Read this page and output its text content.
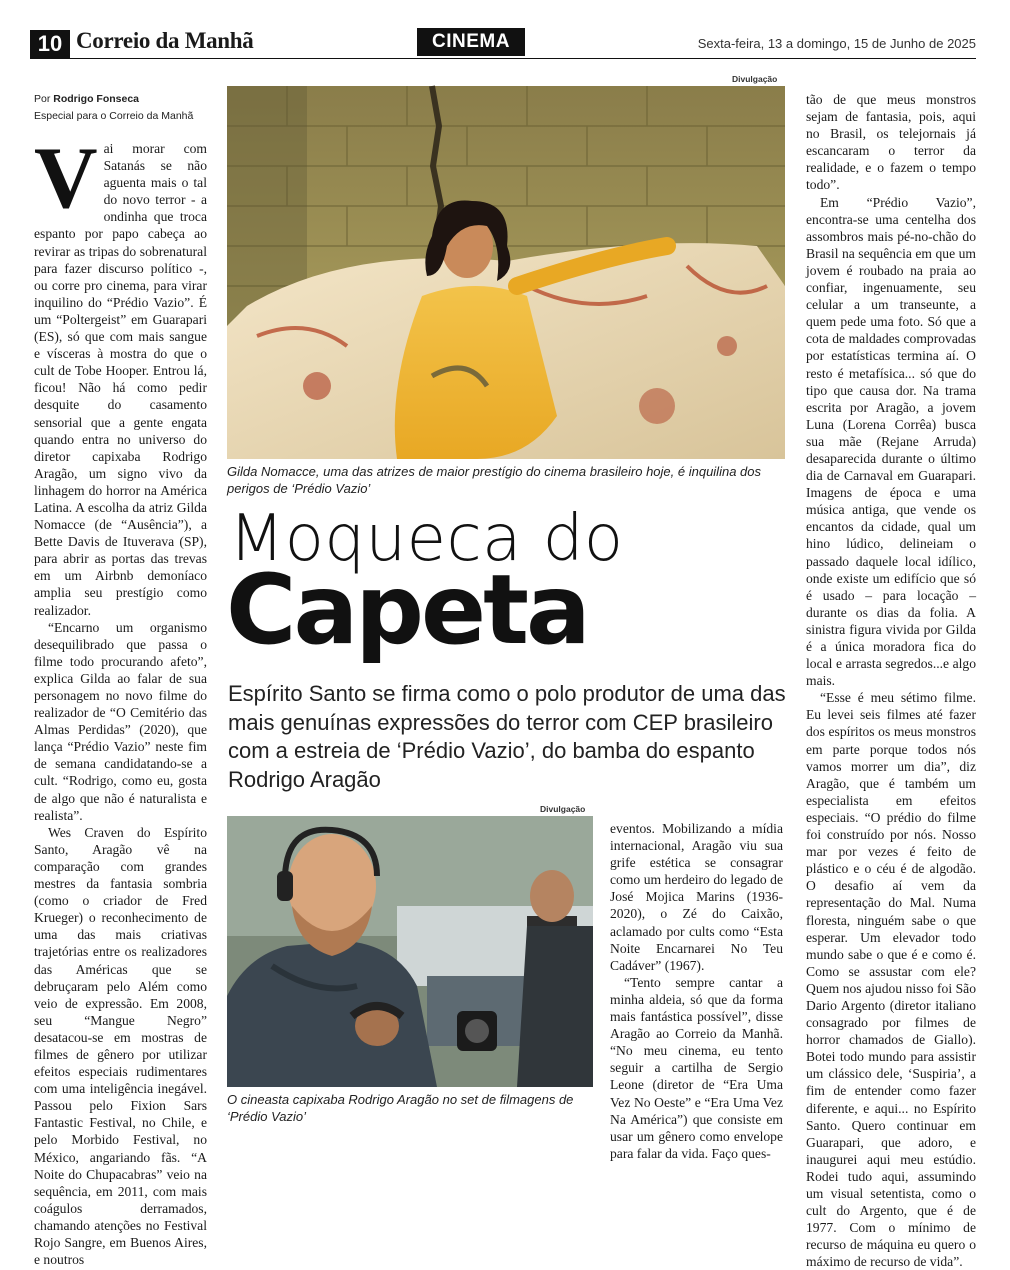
10 Correio da Manhã	CINEMA	Sexta-feira, 13 a domingo, 15 de Junho de 2025
Por Rodrigo Fonseca
Especial para o Correio da Manhã

Vai morar com Satanás se não aguenta mais o tal do novo terror - a ondinha que troca espanto por papo cabeça ao revirar as tripas do sobrenatural para fazer discurso político -, ou corre pro cinema, para virar inquilino do “Prédio Vazio”. É um “Poltergeist” em Guarapari (ES), só que com mais sangue e vísceras à mostra do que o cult de Tobe Hooper. Entrou lá, ficou! Não há como pedir desquite do casamento sensorial que a gente engata quando entra no universo do diretor capixaba Rodrigo Aragão, um signo vivo da linhagem do horror na América Latina. A escolha da atriz Gilda Nomacce (de “Ausência”), a Bette Davis de Ituverava (SP), para abrir as portas das trevas em um Airbnb demoníaco amplia seu prestígio como realizador.

“Encarno um organismo desequilibrado que passa o filme todo procurando afeto”, explica Gilda ao falar de sua personagem no novo filme do realizador de “O Cemitério das Almas Perdidas” (2020), que lança “Prédio Vazio” neste fim de semana candidatando-se a cult. “Rodrigo, como eu, gosta de algo que não é naturalista e realista”.

Wes Craven do Espírito Santo, Aragão vê na comparação com grandes mestres da fantasia sombria (como o criador de Fred Krueger) o reconhecimento de uma das mais criativas trajetórias entre os realizadores das Américas que se debruçaram pelo Além como veio de expressão. Em 2008, seu “Mangue Negro” desatacou-se em mostras de filmes de gênero por utilizar efeitos especiais rudimentares com uma inteligência inegável. Passou pelo Fixion Sars Fantastic Festival, no Chile, e pelo Morbido Festival, no México, angariando fãs. “A Noite do Chupacabras” veio na sequência, em 2011, com mais coágulos derramados, chamando atenções no Festival Rojo Sangre, em Buenos Aires, e noutros

Divulgação
Gilda Nomacce, uma das atrizes de maior prestígio do cinema brasileiro hoje, é inquilina dos perigos de ‘Prédio Vazio’
Moqueca do
Capeta
Espírito Santo se firma como o polo produtor de uma das mais genuínas expressões do terror com CEP brasileiro com a estreia de ‘Prédio Vazio’, do bamba do espanto Rodrigo Aragão
Divulgação
O cineasta capixaba Rodrigo Aragão no set de filmagens de ‘Prédio Vazio’

eventos. Mobilizando a mídia internacional, Aragão viu sua grife estética se consagrar como um herdeiro do legado de José Mojica Marins (1936-2020), o Zé do Caixão, aclamado por cults como “Esta Noite Encarnarei No Teu Cadáver” (1967).

“Tento sempre cantar a minha aldeia, só que da forma mais fantástica possível”, disse Aragão ao Correio da Manhã. “No meu cinema, eu tento seguir a cartilha de Sergio Leone (diretor de “Era Uma Vez No Oeste” e “Era Uma Vez Na América”) que consiste em usar um gênero como envelope para falar da vida. Faço ques-

tão de que meus monstros sejam de fantasia, pois, aqui no Brasil, os telejornais já escancaram o terror da realidade, e o fazem o tempo todo”.

Em “Prédio Vazio”, encontra-se uma centelha dos assombros mais pé-no-chão do Brasil na sequência em que um jovem é roubado na praia ao confiar, ingenuamente, seu celular a um transeunte, a quem pede uma foto. Só que a cota de maldades comprovadas por estatísticas termina aí. O resto é metafísica... só que do tipo que causa dor. Na trama escrita por Aragão, a jovem Luna (Lorena Corrêa) busca sua mãe (Rejane Arruda) desaparecida durante o último dia de Carnaval em Guarapari. Imagens de época e uma música antiga, que vende os encantos da cidade, qual um hino lúdico, delineiam o passado daquele local idílico, onde existe um edifício que só é usado – para locação – durante os dias da folia. A sinistra figura vivida por Gilda é a única moradora fica do local e arrasta segredos...e algo mais.

“Esse é meu sétimo filme. Eu levei seis filmes até fazer dos espíritos os meus monstros em parte porque todos nós vamos morrer um dia”, diz Aragão, que é também um especialista em efeitos especiais. “O prédio do filme foi construído por nós. Nosso mar por vezes é feito de plástico e o céu é de algodão. O desafio aí vem da representação do Mal. Numa floresta, ninguém sabe o que esperar. Um elevador todo mundo sabe o que é e como é. Como se assustar com ele? Quem nos ajudou nisso foi São Dario Argento (diretor italiano consagrado por filmes de horror chamados de Giallo). Botei todo mundo para assistir um clássico dele, ‘Suspiria’, a fim de entender como fazer diferente, e aqui... no Espírito Santo. Quero continuar em Guarapari, que adoro, e inaugurei aqui meu estúdio. Rodei tudo aqui, assumindo um visual setentista, como o cult do Argento, que é de 1977. Com o mínimo de recurso de máquina eu quero o máximo de recurso de vida”.
